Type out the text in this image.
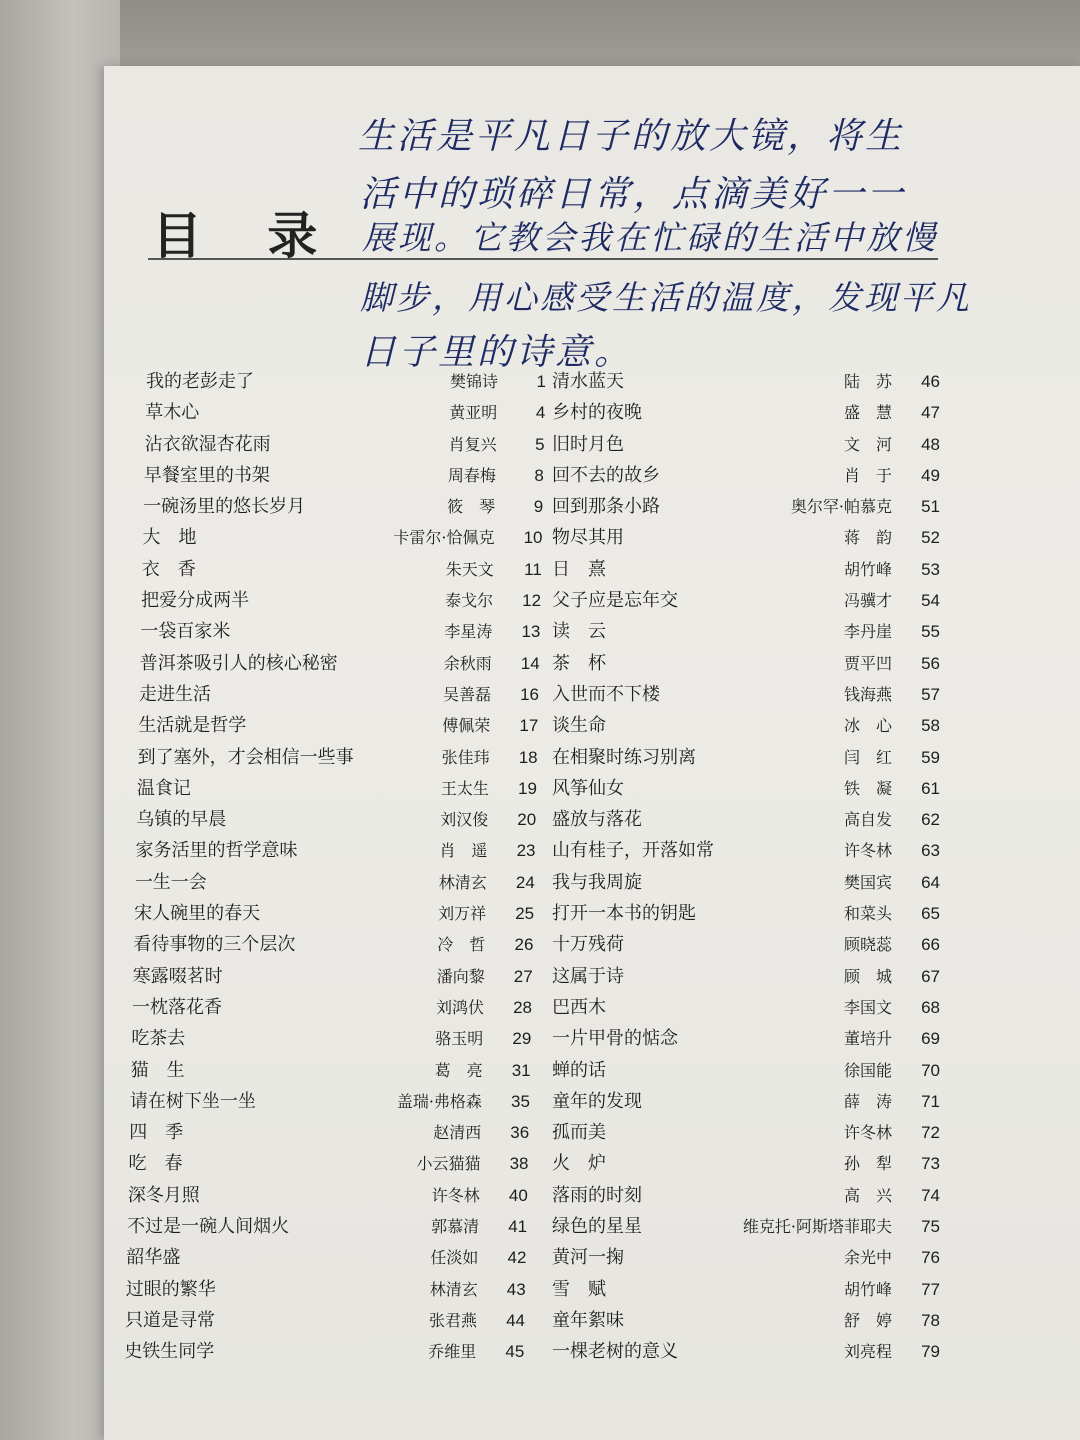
目 录
生活是平凡日子的放大镜，将生
活中的琐碎日常，点滴美好一一
展现。它教会我在忙碌的生活中放慢
脚步，用心感受生活的温度，发现平凡
日子里的诗意。
我的老彭走了	樊锦诗	1
草木心	黄亚明	4
沾衣欲湿杏花雨	肖复兴	5
早餐室里的书架	周春梅	8
一碗汤里的悠长岁月	筱　琴	9
大　地	卡雷尔·恰佩克	10
衣　香	朱天文	11
把爱分成两半	泰戈尔	12
一袋百家米	李星涛	13
普洱茶吸引人的核心秘密	余秋雨	14
走进生活	吴善磊	16
生活就是哲学	傅佩荣	17
到了塞外，才会相信一些事	张佳玮	18
温食记	王太生	19
乌镇的早晨	刘汉俊	20
家务活里的哲学意味	肖　遥	23
一生一会	林清玄	24
宋人碗里的春天	刘万祥	25
看待事物的三个层次	冷　哲	26
寒露啜茗时	潘向黎	27
一枕落花香	刘鸿伏	28
吃茶去	骆玉明	29
猫　生	葛　亮	31
请在树下坐一坐	盖瑞·弗格森	35
四　季	赵清西	36
吃　春	小云猫猫	38
深冬月照	许冬林	40
不过是一碗人间烟火	郭慕清	41
韶华盛	任淡如	42
过眼的繁华	林清玄	43
只道是寻常	张君燕	44
史铁生同学	乔维里	45
清水蓝天	陆　苏	46
乡村的夜晚	盛　慧	47
旧时月色	文　河	48
回不去的故乡	肖　于	49
回到那条小路	奥尔罕·帕慕克	51
物尽其用	蒋　韵	52
日　熹	胡竹峰	53
父子应是忘年交	冯骥才	54
读　云	李丹崖	55
茶　杯	贾平凹	56
入世而不下楼	钱海燕	57
谈生命	冰　心	58
在相聚时练习别离	闫　红	59
风筝仙女	铁　凝	61
盛放与落花	高自发	62
山有桂子，开落如常	许冬林	63
我与我周旋	樊国宾	64
打开一本书的钥匙	和菜头	65
十万残荷	顾晓蕊	66
这属于诗	顾　城	67
巴西木	李国文	68
一片甲骨的惦念	董培升	69
蝉的话	徐国能	70
童年的发现	薛　涛	71
孤而美	许冬林	72
火　炉	孙　犁	73
落雨的时刻	高　兴	74
绿色的星星	维克托·阿斯塔菲耶夫	75
黄河一掬	余光中	76
雪　赋	胡竹峰	77
童年絮味	舒　婷	78
一棵老树的意义	刘亮程	79
